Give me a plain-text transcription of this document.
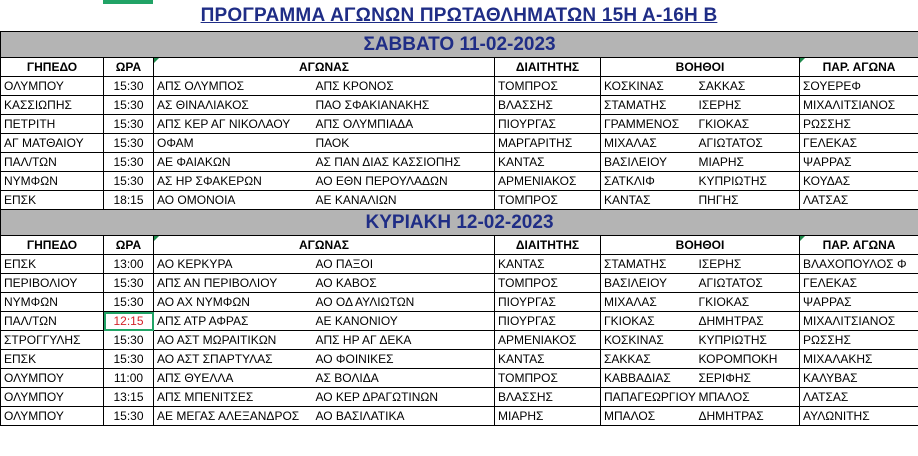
ΠΡΟΓΡΑΜΜΑ ΑΓΩΝΩΝ ΠΡΩΤΑΘΛΗΜΑΤΩΝ 15Η Α-16Η Β
ΣΑΒΒΑΤΟ 11-02-2023							
ΓΗΠΕΔΟ	ΩΡΑ	ΑΓΩΝΑΣ		ΔΙΑΙΤΗΤΗΣ	ΒΟΗΘΟΙ		ΠΑΡ. ΑΓΩΝΑ
ΟΛΥΜΠΟΥ	15:30	ΑΠΣ ΟΛΥΜΠΟΣ	ΑΠΣ ΚΡΟΝΟΣ	ΤΟΜΠΡΟΣ	ΚΟΣΚΙΝΑΣ	ΣΑΚΚΑΣ	ΣΟΥΕΡΕΦ
ΚΑΣΣΙΩΠΗΣ	15:30	ΑΣ ΘΙΝΑΛΙΑΚΟΣ	ΠΑΟ ΣΦΑΚΙΑΝΑΚΗΣ	ΒΛΑΣΣΗΣ	ΣΤΑΜΑΤΗΣ	ΙΣΕΡΗΣ	ΜΙΧΑΛΙΤΣΙΑΝΟΣ
ΠΕΤΡΙΤΗ	15:30	ΑΠΣ ΚΕΡ ΑΓ ΝΙΚΟΛΑΟΥ	ΑΠΣ ΟΛΥΜΠΙΑΔΑ	ΠΙΟΥΡΓΑΣ	ΓΡΑΜΜΕΝΟΣ	ΓΚΙΟΚΑΣ	ΡΩΣΣΗΣ
ΑΓ ΜΑΤΘΑΙΟΥ	15:30	ΟΦΑΜ	ΠΑΟΚ	ΜΑΡΓΑΡΙΤΗΣ	ΜΙΧΑΛΑΣ	ΑΓΙΩΤΑΤΟΣ	ΓΕΛΕΚΑΣ
ΠΑΛ/ΤΩΝ	15:30	ΑΕ ΦΑΙΑΚΩΝ	ΑΣ ΠΑΝ ΔΙΑΣ ΚΑΣΣΙΟΠΗΣ	ΚΑΝΤΑΣ	ΒΑΣΙΛΕΙΟΥ	ΜΙΑΡΗΣ	ΨΑΡΡΑΣ
ΝΥΜΦΩΝ	15:30	ΑΣ ΗΡ ΣΦΑΚΕΡΩΝ	ΑΟ ΕΘΝ ΠΕΡΟΥΛΑΔΩΝ	ΑΡΜΕΝΙΑΚΟΣ	ΣΑΤΚΛΙΦ	ΚΥΠΡΙΩΤΗΣ	ΚΟΥΔΑΣ
ΕΠΣΚ	18:15	ΑΟ ΟΜΟΝΟΙΑ	ΑΕ ΚΑΝΑΛΙΩΝ	ΤΟΜΠΡΟΣ	ΚΑΝΤΑΣ	ΠΗΓΗΣ	ΛΑΤΣΑΣ
ΚΥΡΙΑΚΗ 12-02-2023							
ΓΗΠΕΔΟ	ΩΡΑ	ΑΓΩΝΑΣ		ΔΙΑΙΤΗΤΗΣ	ΒΟΗΘΟΙ		ΠΑΡ. ΑΓΩΝΑ
ΕΠΣΚ	13:00	ΑΟ ΚΕΡΚΥΡΑ	ΑΟ ΠΑΞΟΙ	ΚΑΝΤΑΣ	ΣΤΑΜΑΤΗΣ	ΙΣΕΡΗΣ	ΒΛΑΧΟΠΟΥΛΟΣ Φ
ΠΕΡΙΒΟΛΙΟΥ	15:30	ΑΠΣ ΑΝ ΠΕΡΙΒΟΛΙΟΥ	ΑΟ ΚΑΒΟΣ	ΤΟΜΠΡΟΣ	ΒΑΣΙΛΕΙΟΥ	ΑΓΙΩΤΑΤΟΣ	ΓΕΛΕΚΑΣ
ΝΥΜΦΩΝ	15:30	ΑΟ ΑΧ ΝΥΜΦΩΝ	ΑΟ ΟΔ ΑΥΛΙΩΤΩΝ	ΠΙΟΥΡΓΑΣ	ΜΙΧΑΛΑΣ	ΓΚΙΟΚΑΣ	ΨΑΡΡΑΣ
ΠΑΛ/ΤΩΝ	12:15	ΑΠΣ ΑΤΡ ΑΦΡΑΣ	ΑΕ ΚΑΝΟΝΙΟΥ	ΠΙΟΥΡΓΑΣ	ΓΚΙΟΚΑΣ	ΔΗΜΗΤΡΑΣ	ΜΙΧΑΛΙΤΣΙΑΝΟΣ
ΣΤΡΟΓΓΥΛΗΣ	15:30	ΑΟ ΑΣΤ ΜΩΡΑΙΤΙΚΩΝ	ΑΠΣ ΗΡ ΑΓ ΔΕΚΑ	ΑΡΜΕΝΙΑΚΟΣ	ΚΟΣΚΙΝΑΣ	ΚΥΠΡΙΩΤΗΣ	ΡΩΣΣΗΣ
ΕΠΣΚ	15:30	ΑΟ ΑΣΤ ΣΠΑΡΤΥΛΑΣ	ΑΟ ΦΟΙΝΙΚΕΣ	ΚΑΝΤΑΣ	ΣΑΚΚΑΣ	ΚΟΡΟΜΠΟΚΗ	ΜΙΧΑΛΑΚΗΣ
ΟΛΥΜΠΟΥ	11:00	ΑΠΣ ΘΥΕΛΛΑ	ΑΣ ΒΟΛΙΔΑ	ΤΟΜΠΡΟΣ	ΚΑΒΒΑΔΙΑΣ	ΣΕΡΙΦΗΣ	ΚΑΛΥΒΑΣ
ΟΛΥΜΠΟΥ	13:15	ΑΠΣ ΜΠΕΝΙΤΣΕΣ	ΑΟ ΚΕΡ ΔΡΑΓΩΤΙΝΩΝ	ΒΛΑΣΣΗΣ	ΠΑΠΑΓΕΩΡΓΙΟΥ	ΜΠΑΛΟΣ	ΛΑΤΣΑΣ
ΟΛΥΜΠΟΥ	15:30	ΑΕ ΜΕΓΑΣ ΑΛΕΞΑΝΔΡΟΣ	ΑΟ ΒΑΣΙΛΑΤΙΚΑ	ΜΙΑΡΗΣ	ΜΠΑΛΟΣ	ΔΗΜΗΤΡΑΣ	ΑΥΛΩΝΙΤΗΣ
